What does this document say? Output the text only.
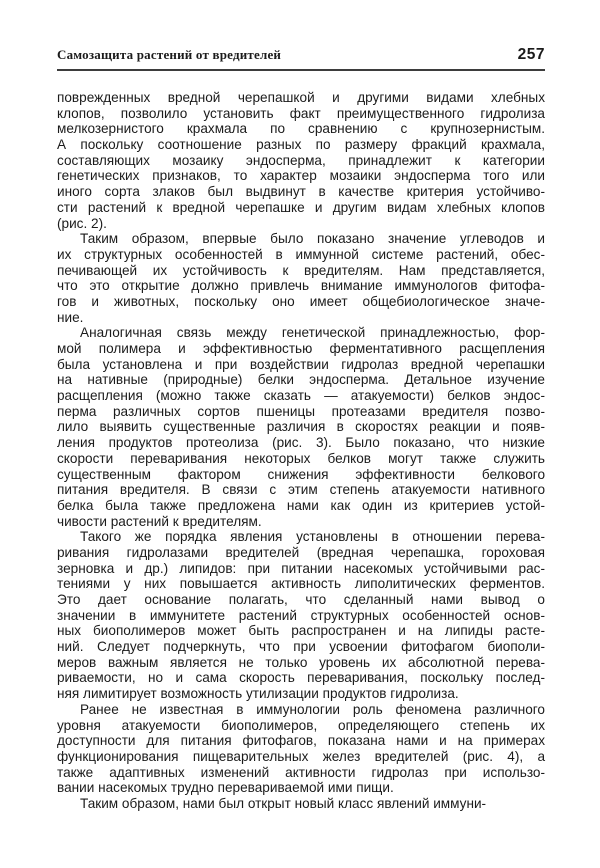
Самозащита растений от вредителей	257
поврежденных вредной черепашкой и другими видами хлебных
клопов, позволило установить факт преимущественного гидролиза
мелкозернистого крахмала по сравнению с крупнозернистым.
А поскольку соотношение разных по размеру фракций крахмала,
составляющих мозаику эндосперма, принадлежит к категории
генетических признаков, то характер мозаики эндосперма того или
иного сорта злаков был выдвинут в качестве критерия устойчиво-
сти растений к вредной черепашке и другим видам хлебных клопов
(рис. 2).
Таким образом, впервые было показано значение углеводов и
их структурных особенностей в иммунной системе растений, обес-
печивающей их устойчивость к вредителям. Нам представляется,
что это открытие должно привлечь внимание иммунологов фитофа-
гов и животных, поскольку оно имеет общебиологическое значе-
ние.
Аналогичная связь между генетической принадлежностью, фор-
мой полимера и эффективностью ферментативного расщепления
была установлена и при воздействии гидролаз вредной черепашки
на нативные (природные) белки эндосперма. Детальное изучение
расщепления (можно также сказать — атакуемости) белков эндос-
перма различных сортов пшеницы протеазами вредителя позво-
лило выявить существенные различия в скоростях реакции и появ-
ления продуктов протеолиза (рис. 3). Было показано, что низкие
скорости переваривания некоторых белков могут также служить
существенным фактором снижения эффективности белкового
питания вредителя. В связи с этим степень атакуемости нативного
белка была также предложена нами как один из критериев устой-
чивости растений к вредителям.
Такого же порядка явления установлены в отношении перева-
ривания гидролазами вредителей (вредная черепашка, гороховая
зерновка и др.) липидов: при питании насекомых устойчивыми рас-
тениями у них повышается активность липолитических ферментов.
Это дает основание полагать, что сделанный нами вывод о
значении в иммунитете растений структурных особенностей основ-
ных биополимеров может быть распространен и на липиды расте-
ний. Следует подчеркнуть, что при усвоении фитофагом биополи-
меров важным является не только уровень их абсолютной перева-
риваемости, но и сама скорость переваривания, поскольку послед-
няя лимитирует возможность утилизации продуктов гидролиза.
Ранее не известная в иммунологии роль феномена различного
уровня атакуемости биополимеров, определяющего степень их
доступности для питания фитофагов, показана нами и на примерах
функционирования пищеварительных желез вредителей (рис. 4), а
также адаптивных изменений активности гидролаз при использо-
вании насекомых трудно перевариваемой ими пищи.
Таким образом, нами был открыт новый класс явлений иммуни-
